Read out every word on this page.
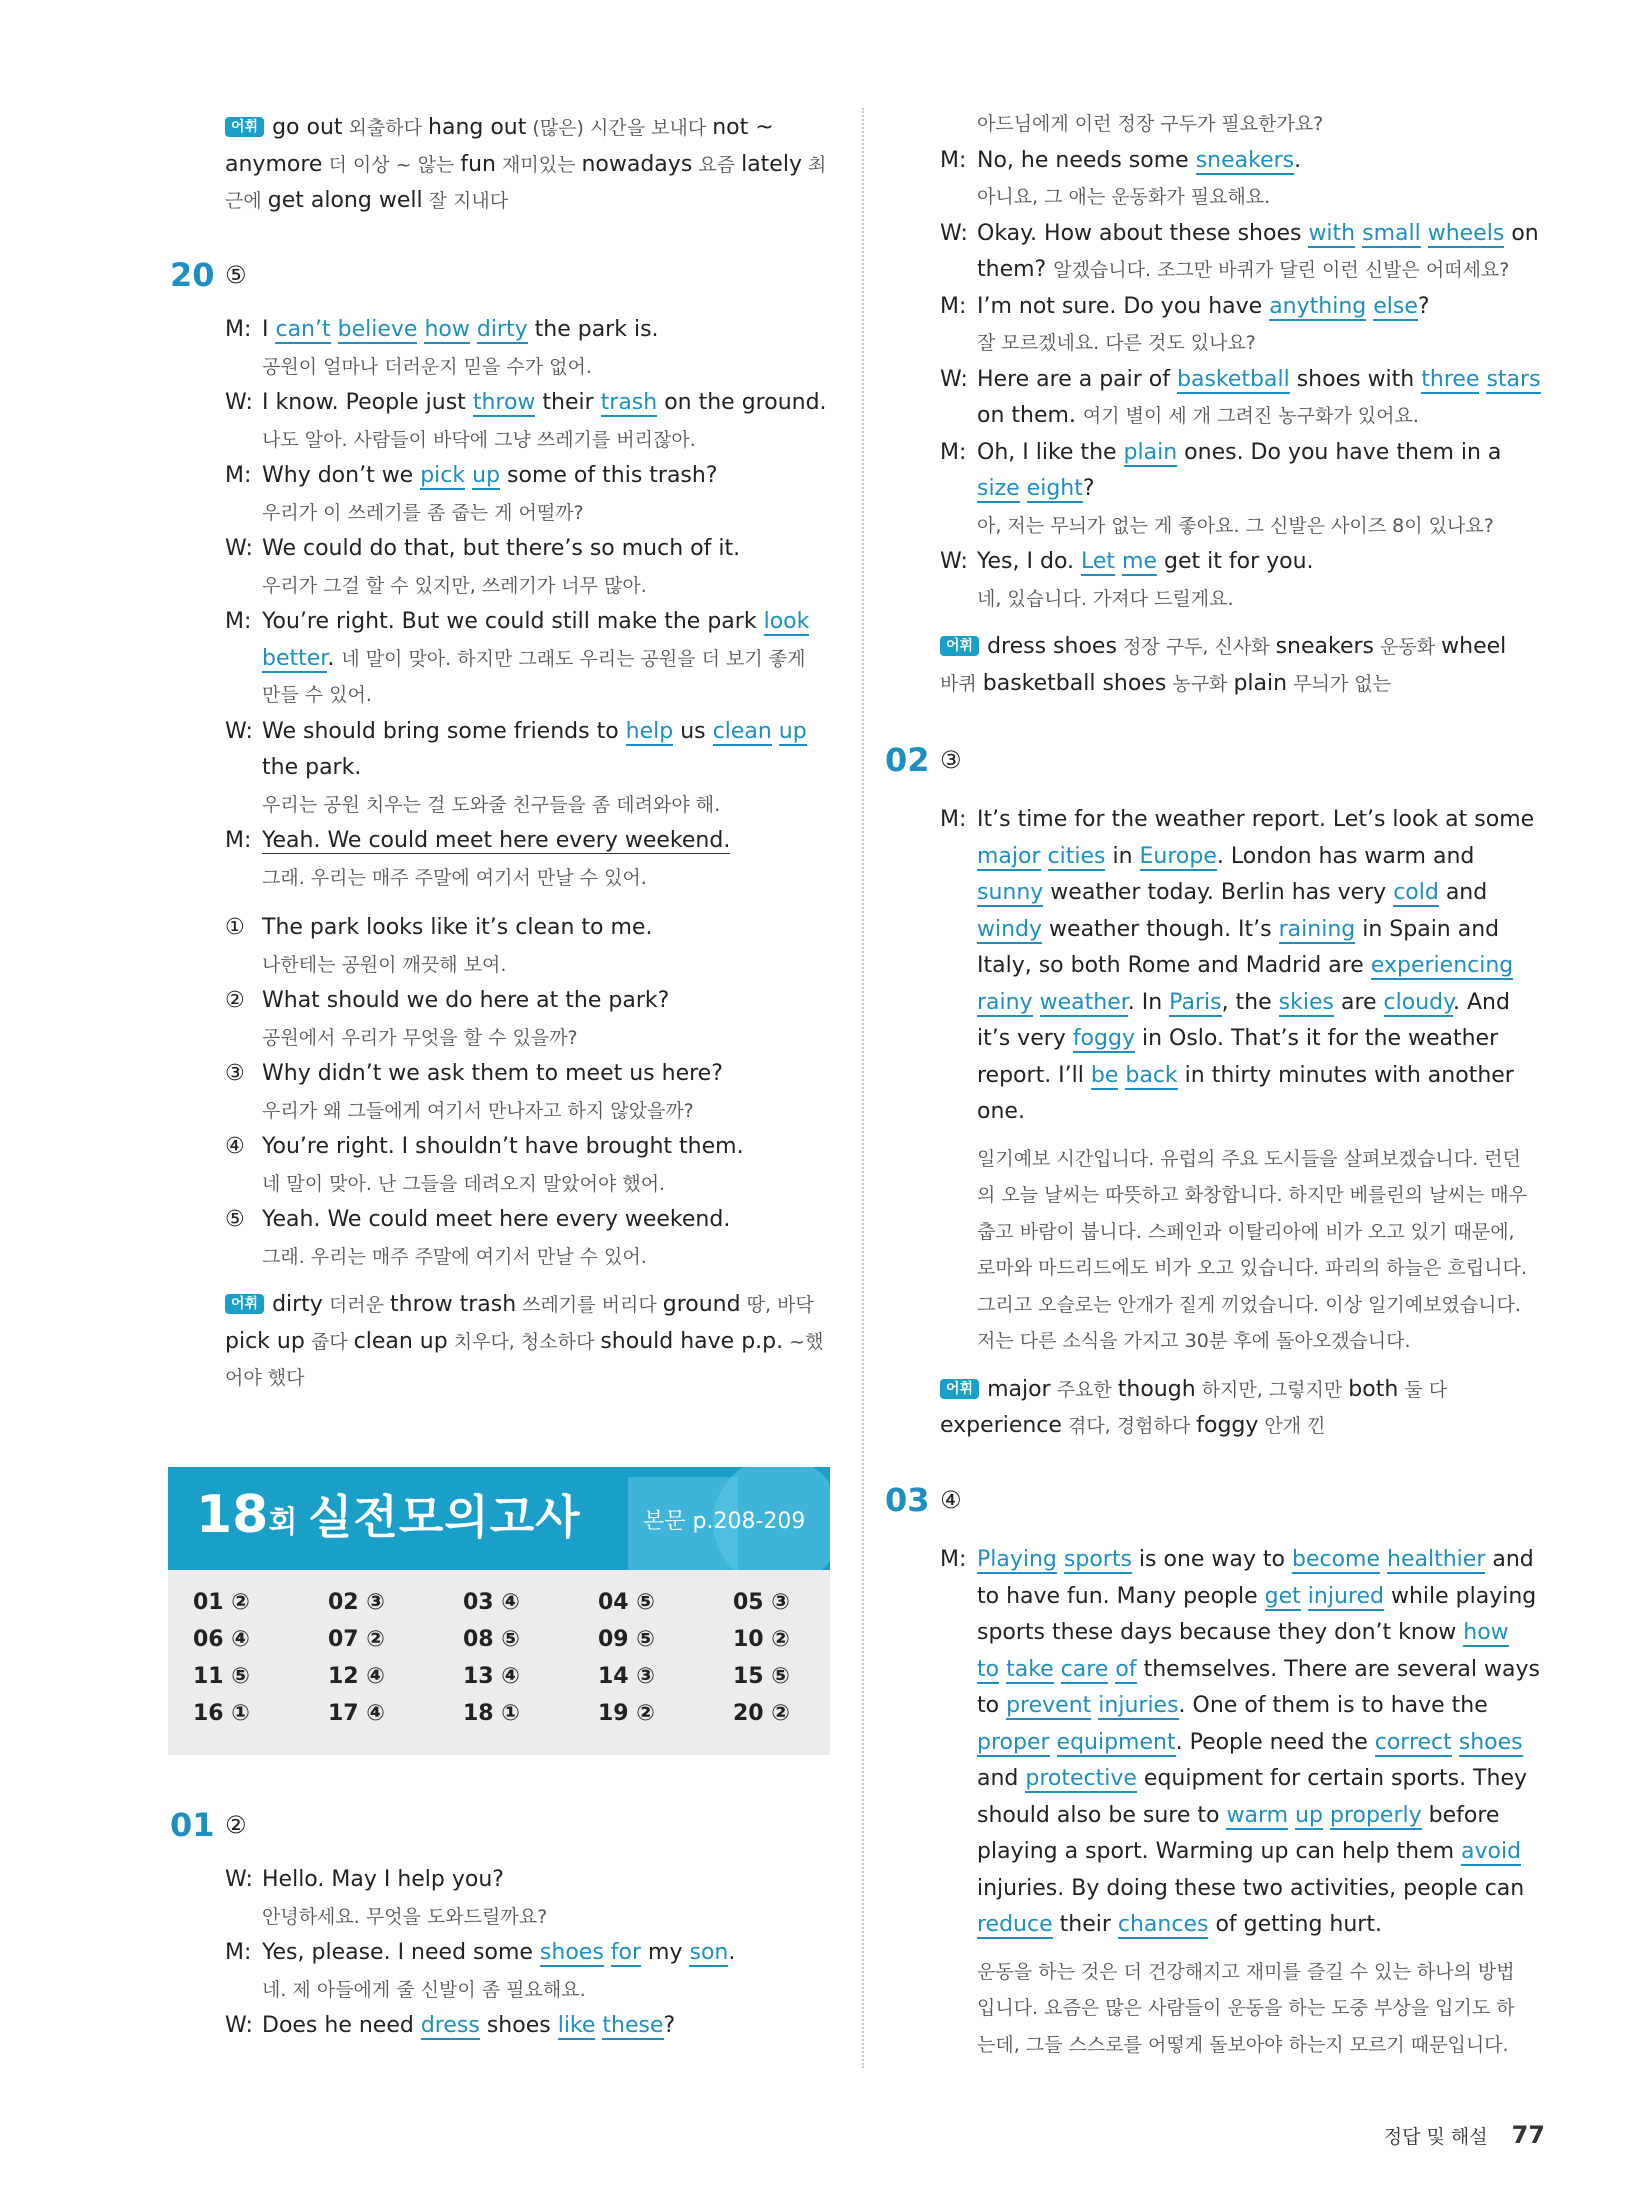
어휘 go out 외출하다 hang out (많은) 시간을 보내다 not ~
anymore 더 이상 ~ 않는 fun 재미있는 nowadays 요즘 lately 최
근에 get along well 잘 지내다
20 ⑤
M: I can’t believe how dirty the park is.
공원이 얼마나 더러운지 믿을 수가 없어.
W: I know. People just throw their trash on the ground.
나도 알아. 사람들이 바닥에 그냥 쓰레기를 버리잖아.
M: Why don’t we pick up some of this trash?
우리가 이 쓰레기를 좀 줍는 게 어떨까?
W: We could do that, but there’s so much of it.
우리가 그걸 할 수 있지만, 쓰레기가 너무 많아.
M: You’re right. But we could still make the park look
better. 네 말이 맞아. 하지만 그래도 우리는 공원을 더 보기 좋게
만들 수 있어.
W: We should bring some friends to help us clean up
the park.
우리는 공원 치우는 걸 도와줄 친구들을 좀 데려와야 해.
M: Yeah. We could meet here every weekend.
그래. 우리는 매주 주말에 여기서 만날 수 있어.
① The park looks like it’s clean to me.
나한테는 공원이 깨끗해 보여.
② What should we do here at the park?
공원에서 우리가 무엇을 할 수 있을까?
③ Why didn’t we ask them to meet us here?
우리가 왜 그들에게 여기서 만나자고 하지 않았을까?
④ You’re right. I shouldn’t have brought them.
네 말이 맞아. 난 그들을 데려오지 말았어야 했어.
⑤ Yeah. We could meet here every weekend.
그래. 우리는 매주 주말에 여기서 만날 수 있어.
어휘 dirty 더러운 throw trash 쓰레기를 버리다 ground 땅, 바닥
pick up 줍다 clean up 치우다, 청소하다 should have p.p. ~했
어야 했다
01 ②
W: Hello. May I help you?
안녕하세요. 무엇을 도와드릴까요?
M: Yes, please. I need some shoes for my son.
네. 제 아들에게 줄 신발이 좀 필요해요.
W: Does he need dress shoes like these?
18회 실전모의고사	본문 p.208-209
01 ②	02 ③	03 ④	04 ⑤	05 ③
06 ④	07 ②	08 ⑤	09 ⑤	10 ②
11 ⑤	12 ④	13 ④	14 ③	15 ⑤
16 ①	17 ④	18 ①	19 ②	20 ②
아드님에게 이런 정장 구두가 필요한가요?
M: No, he needs some sneakers.
아니요, 그 애는 운동화가 필요해요.
W: Okay. How about these shoes with small wheels on
them? 알겠습니다. 조그만 바퀴가 달린 이런 신발은 어떠세요?
M: I’m not sure. Do you have anything else?
잘 모르겠네요. 다른 것도 있나요?
W: Here are a pair of basketball shoes with three stars
on them. 여기 별이 세 개 그려진 농구화가 있어요.
M: Oh, I like the plain ones. Do you have them in a
size eight?
아, 저는 무늬가 없는 게 좋아요. 그 신발은 사이즈 8이 있나요?
W: Yes, I do. Let me get it for you.
네, 있습니다. 가져다 드릴게요.
어휘 dress shoes 정장 구두, 신사화 sneakers 운동화 wheel
바퀴 basketball shoes 농구화 plain 무늬가 없는
02 ③
M: It’s time for the weather report. Let’s look at some
major cities in Europe. London has warm and
sunny weather today. Berlin has very cold and
windy weather though. It’s raining in Spain and
Italy, so both Rome and Madrid are experiencing
rainy weather. In Paris, the skies are cloudy. And
it’s very foggy in Oslo. That’s it for the weather
report. I’ll be back in thirty minutes with another
one.
일기예보 시간입니다. 유럽의 주요 도시들을 살펴보겠습니다. 런던
의 오늘 날씨는 따뜻하고 화창합니다. 하지만 베를린의 날씨는 매우
춥고 바람이 붑니다. 스페인과 이탈리아에 비가 오고 있기 때문에,
로마와 마드리드에도 비가 오고 있습니다. 파리의 하늘은 흐립니다.
그리고 오슬로는 안개가 짙게 끼었습니다. 이상 일기예보였습니다.
저는 다른 소식을 가지고 30분 후에 돌아오겠습니다.
어휘 major 주요한 though 하지만, 그렇지만 both 둘 다
experience 겪다, 경험하다 foggy 안개 낀
03 ④
M: Playing sports is one way to become healthier and
to have fun. Many people get injured while playing
sports these days because they don’t know how
to take care of themselves. There are several ways
to prevent injuries. One of them is to have the
proper equipment. People need the correct shoes
and protective equipment for certain sports. They
should also be sure to warm up properly before
playing a sport. Warming up can help them avoid
injuries. By doing these two activities, people can
reduce their chances of getting hurt.
운동을 하는 것은 더 건강해지고 재미를 즐길 수 있는 하나의 방법
입니다. 요즘은 많은 사람들이 운동을 하는 도중 부상을 입기도 하
는데, 그들 스스로를 어떻게 돌보아야 하는지 모르기 때문입니다.
정답 및 해설 77
